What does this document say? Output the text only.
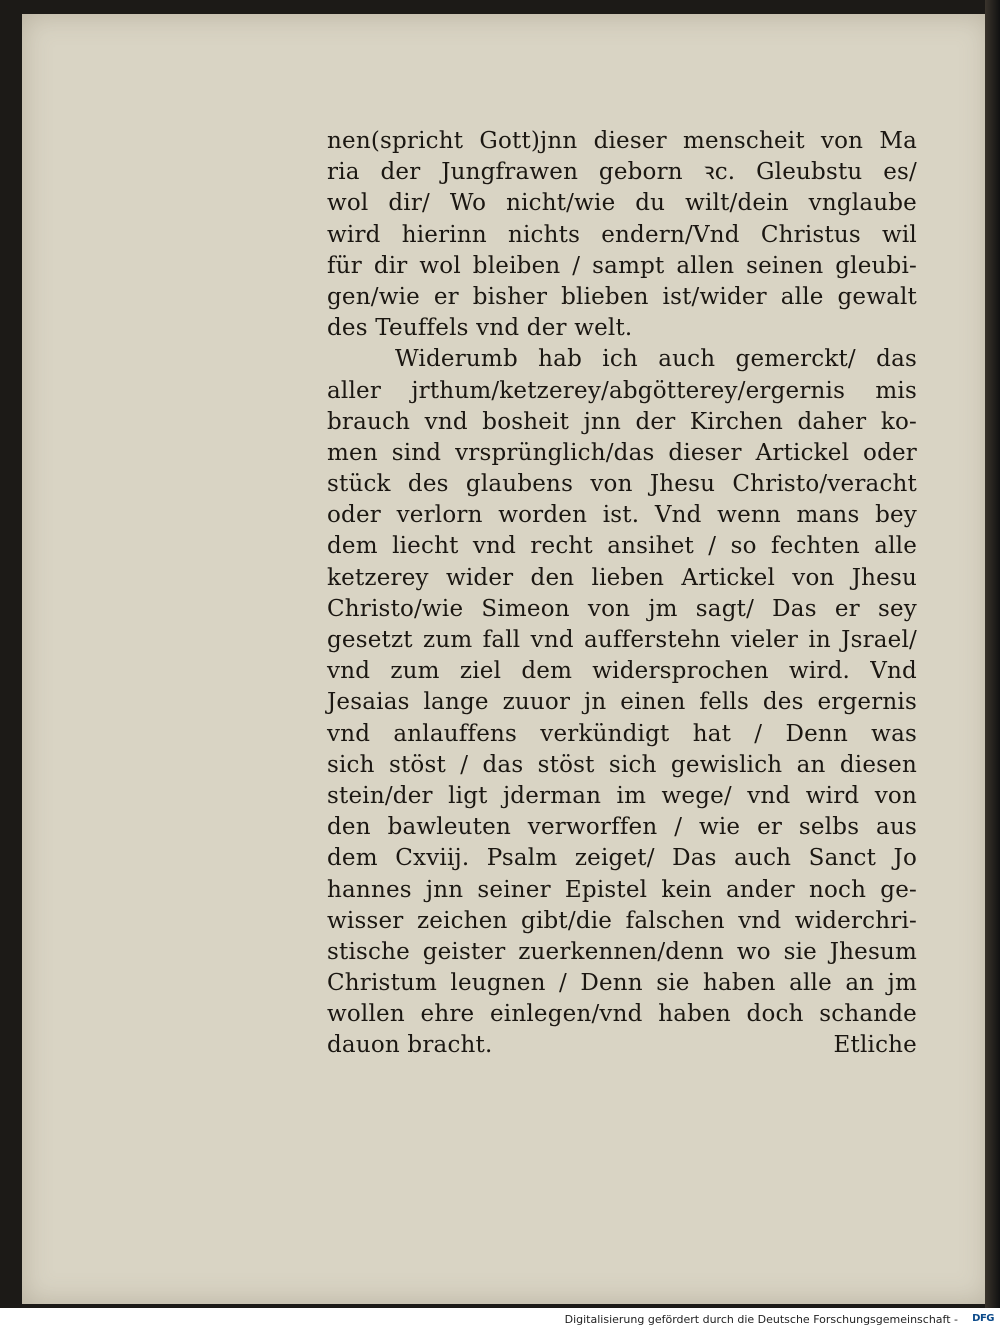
nen(spricht Gott)jnn dieser menscheit von Ma
ria der Jungfrawen geborn ꝛc. Gleubstu es/
wol dir/ Wo nicht/wie du wilt/dein vnglaube
wird hierinn nichts endern/Vnd Christus wil
für dir wol bleiben / sampt allen seinen gleubi-
gen/wie er bisher blieben ist/wider alle gewalt
des Teuffels vnd der welt.
Widerumb hab ich auch gemerckt/ das
aller jrthum/ketzerey/abgötterey/ergernis mis
brauch vnd bosheit jnn der Kirchen daher ko-
men sind vrsprünglich/das dieser Artickel oder
stück des glaubens von Jhesu Christo/veracht
oder verlorn worden ist. Vnd wenn mans bey
dem liecht vnd recht ansihet / so fechten alle
ketzerey wider den lieben Artickel von Jhesu
Christo/wie Simeon von jm sagt/ Das er sey
gesetzt zum fall vnd aufferstehn vieler in Jsrael/
vnd zum ziel dem widersprochen wird. Vnd
Jesaias lange zuuor jn einen fells des ergernis
vnd anlauffens verkündigt hat / Denn was
sich stöst / das stöst sich gewislich an diesen
stein/der ligt jderman im wege/ vnd wird von
den bawleuten verworffen / wie er selbs aus
dem Cxviij. Psalm zeiget/ Das auch Sanct Jo
hannes jnn seiner Epistel kein ander noch ge-
wisser zeichen gibt/die falschen vnd widerchri-
stische geister zuerkennen/denn wo sie Jhesum
Christum leugnen / Denn sie haben alle an jm
wollen ehre einlegen/vnd haben doch schande
dauon bracht.	Etliche
Digitalisierung gefördert durch die Deutsche Forschungsgemeinschaft - DFG
